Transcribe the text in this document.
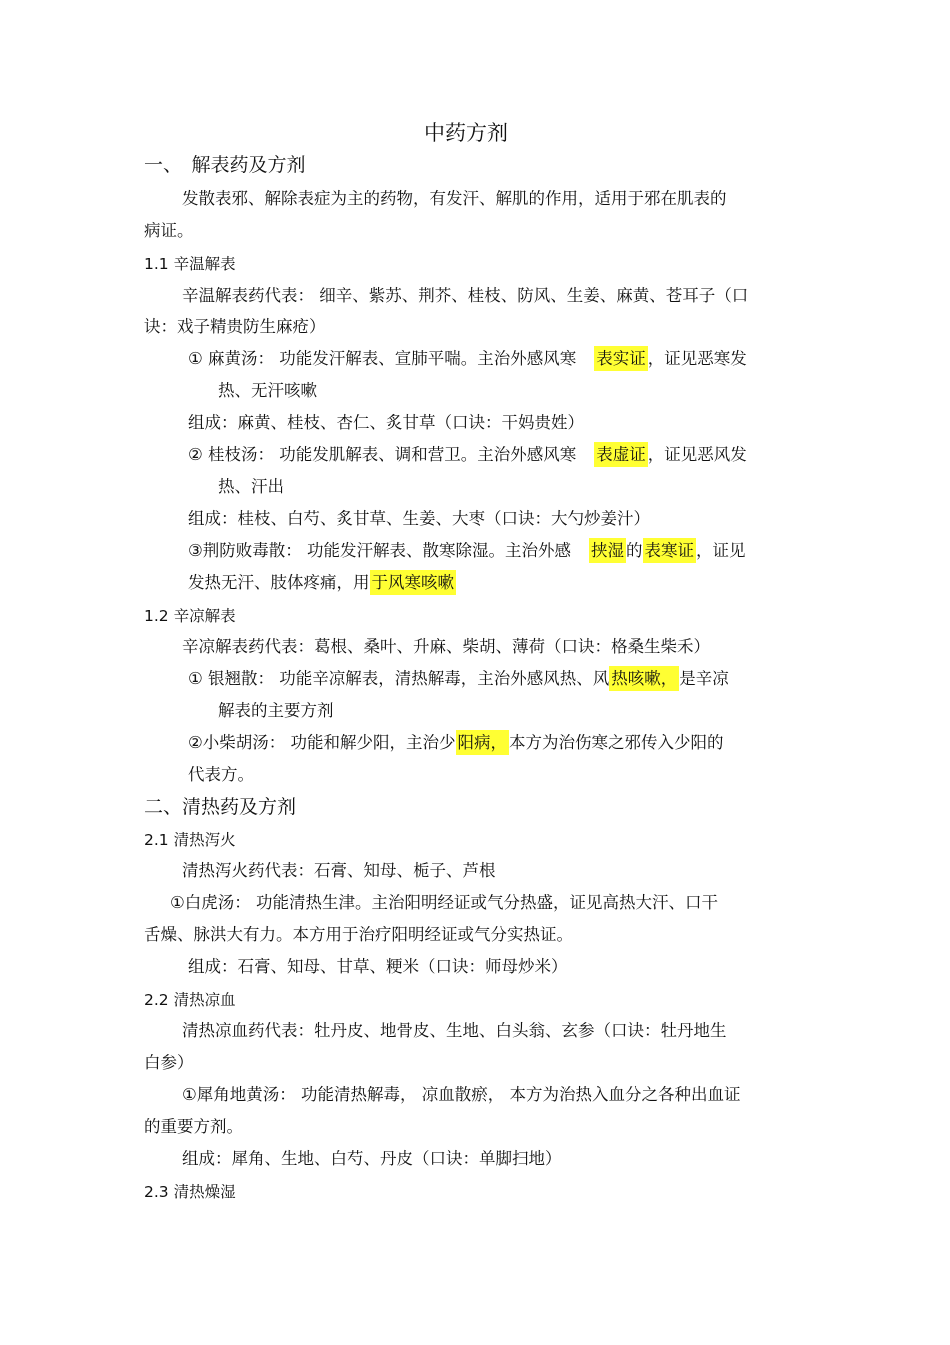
中药方剂
一、　解表药及方剂
发散表邪、解除表症为主的药物，有发汗、解肌的作用，适用于邪在肌表的
病证。
1.1 辛温解表
辛温解表药代表： 细辛、紫苏、荆芥、桂枝、防风、生姜、麻黄、苍耳子（口
诀：戏子精贵防生麻疮）
① 麻黄汤： 功能发汗解表、宣肺平喘。主治外感风寒 表实证 ，证见恶寒发
热、无汗咳嗽
组成：麻黄、桂枝、杏仁、炙甘草（口诀：干妈贵姓）
② 桂枝汤： 功能发肌解表、调和营卫。主治外感风寒 表虚证 ，证见恶风发
热、汗出
组成：桂枝、白芍、炙甘草、生姜、大枣（口诀：大勺炒姜汁）
③荆防败毒散： 功能发汗解表、散寒除湿。主治外感 挟湿 的 表寒证 ，证见
发热无汗、肢体疼痛，用 于风寒咳嗽
1.2 辛凉解表
辛凉解表药代表：葛根、桑叶、升麻、柴胡、薄荷（口诀：格桑生柴禾）
① 银翘散： 功能辛凉解表，清热解毒，主治外感风热、风 热咳嗽， 是辛凉
解表的主要方剂
②小柴胡汤： 功能和解少阳，主治少 阳病， 本方为治伤寒之邪传入少阳的
代表方。
二、清热药及方剂
2.1 清热泻火
清热泻火药代表：石膏、知母、栀子、芦根
①白虎汤： 功能清热生津。主治阳明经证或气分热盛，证见高热大汗、口干
舌燥、脉洪大有力。本方用于治疗阳明经证或气分实热证。
组成：石膏、知母、甘草、粳米（口诀：师母炒米）
2.2 清热凉血
清热凉血药代表：牡丹皮、地骨皮、生地、白头翁、玄参（口诀：牡丹地生
白参）
①犀角地黄汤： 功能清热解毒， 凉血散瘀， 本方为治热入血分之各种出血证
的重要方剂。
组成：犀角、生地、白芍、丹皮（口诀：单脚扫地）
2.3 清热燥湿
